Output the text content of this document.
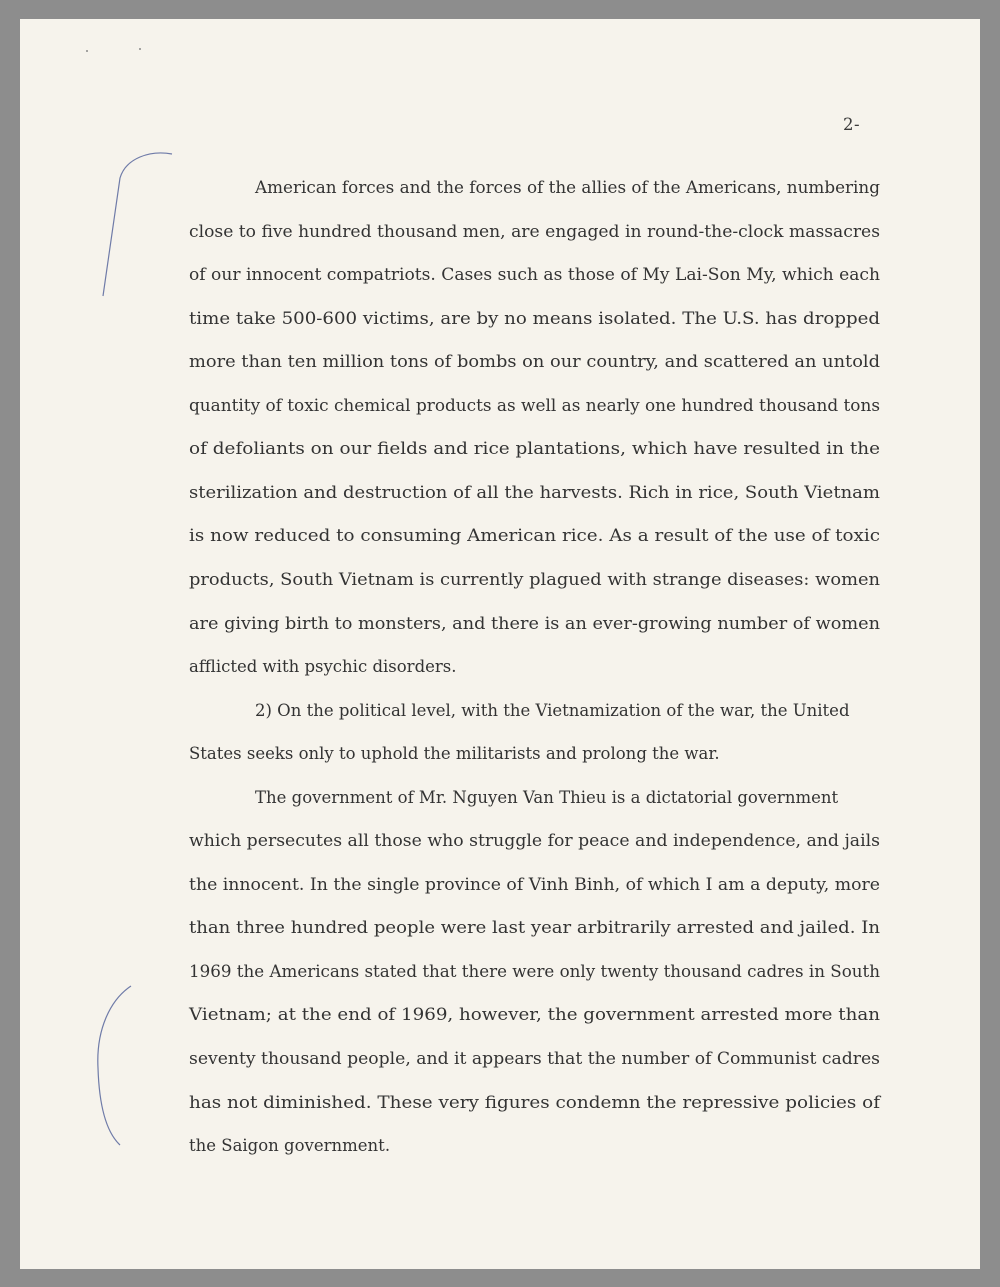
2-
American forces and the forces of the allies of the Americans, numbering
close to five hundred thousand men, are engaged in round-the-clock massacres
of our innocent compatriots. Cases such as those of My Lai-Son My, which each
time take 500-600 victims, are by no means isolated. The U.S. has dropped
more than ten million tons of bombs on our country, and scattered an untold
quantity of toxic chemical products as well as nearly one hundred thousand tons
of defoliants on our fields and rice plantations, which have resulted in the
sterilization and destruction of all the harvests. Rich in rice, South Vietnam
is now reduced to consuming American rice. As a result of the use of toxic
products, South Vietnam is currently plagued with strange diseases: women
are giving birth to monsters, and there is an ever-growing number of women
afflicted with psychic disorders.
2) On the political level, with the Vietnamization of the war, the United
States seeks only to uphold the militarists and prolong the war.
The government of Mr. Nguyen Van Thieu is a dictatorial government
which persecutes all those who struggle for peace and independence, and jails
the innocent. In the single province of Vinh Binh, of which I am a deputy, more
than three hundred people were last year arbitrarily arrested and jailed. In
1969 the Americans stated that there were only twenty thousand cadres in South
Vietnam; at the end of 1969, however, the government arrested more than
seventy thousand people, and it appears that the number of Communist cadres
has not diminished. These very figures condemn the repressive policies of
the Saigon government.
